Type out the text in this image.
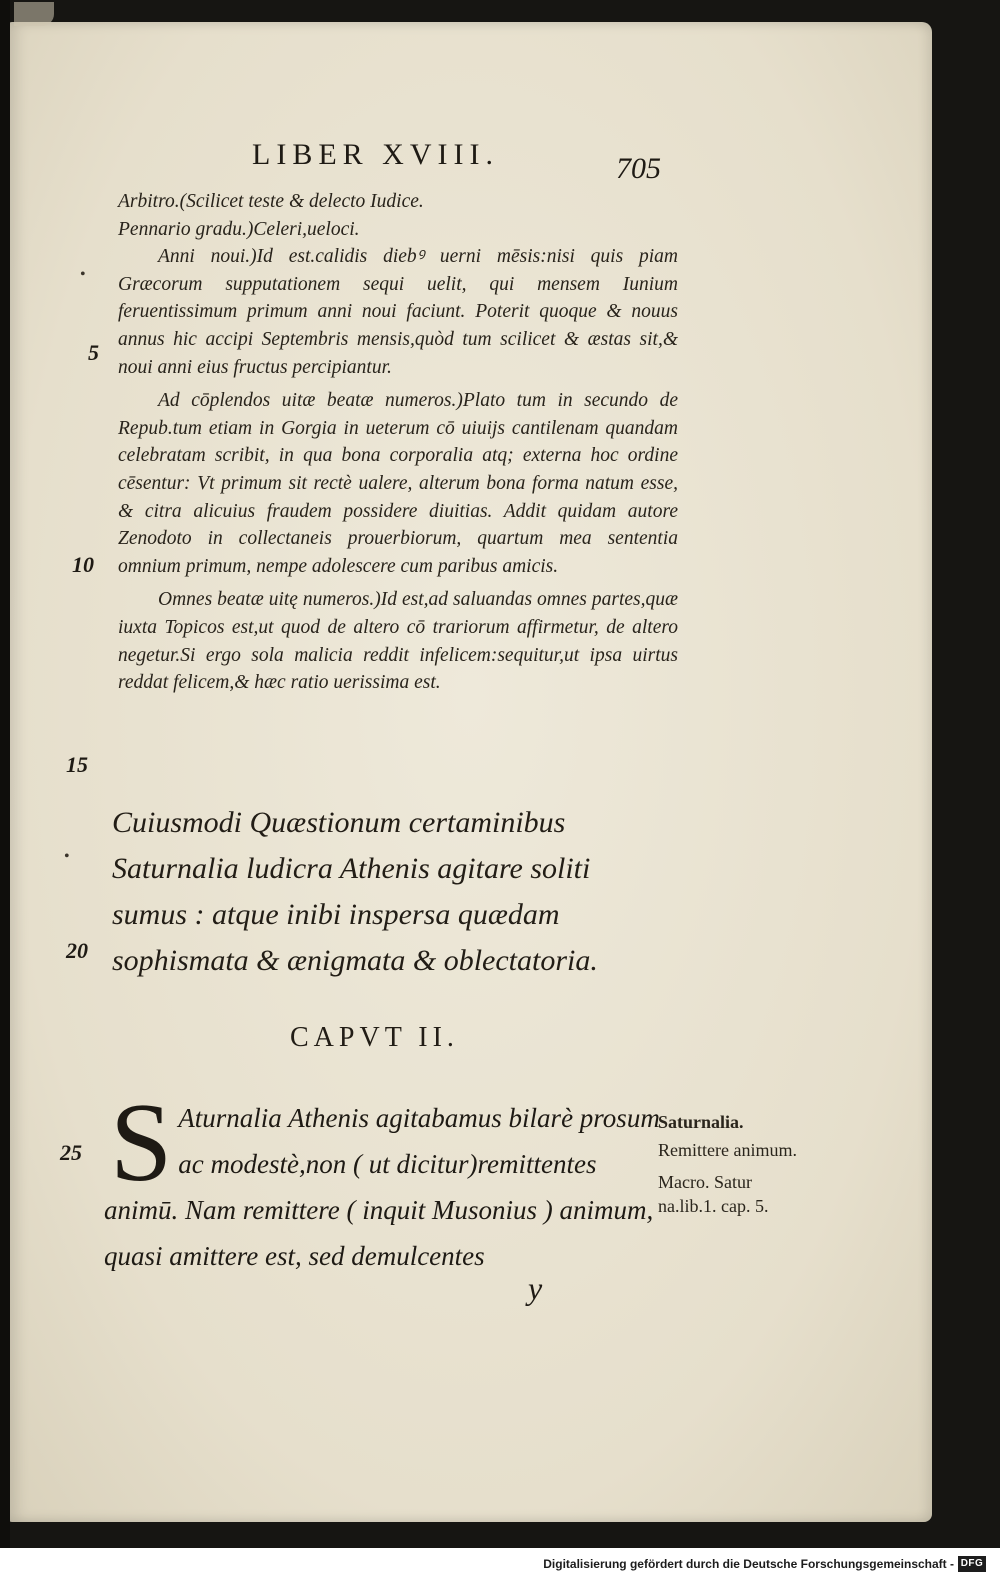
LIBER XVIII.	705

Arbitro.(Scilicet teste & delecto Iudice.

Pennario gradu.)Celeri,ueloci.

Anni noui.)Id est.calidis diebꝰ uerni mēsis:nisi quis piam Græcorum supputationem sequi uelit, qui mensem Iunium feruentissimum primum anni noui faciunt. Poterit quoque & nouus annus hic accipi Septembris mensis,quòd tum scilicet & æstas sit,& noui anni eius fructus percipiantur.

Ad cōplendos uitæ beatæ numeros.)Plato tum in secundo de Repub.tum etiam in Gorgia in ueterum cō uiuijs cantilenam quandam celebratam scribit, in qua bona corporalia atq; externa hoc ordine cēsentur: Vt primum sit rectè ualere, alterum bona forma natum esse, & citra alicuius fraudem possidere diuitias. Addit quidam autore Zenodoto in collectaneis prouerbiorum, quartum mea sententia omnium primum, nempe adolescere cum paribus amicis.

Omnes beatæ uitę numeros.)Id est,ad saluandas omnes partes,quæ iuxta Topicos est,ut quod de altero cō trariorum affirmetur, de altero negetur.Si ergo sola malicia reddit infelicem:sequitur,ut ipsa uirtus reddat felicem,& hæc ratio uerissima est.

•
•
5
10
15
20
25
Cuiusmodi Quæstionum certaminibus Saturnalia ludicra Athenis agitare soliti sumus : atque inibi inspersa quædam sophismata & ænigmata & oblectatoria.
CAPVT II.
S Aturnalia Athenis agitabamus bilarè prosum ac modestè,non ( ut dicitur)remittentes animū. Nam remittere ( inquit Musonius ) animum, quasi amittere est, sed demulcentes
Saturnalia.
Remittere animum.
Macro. Satur na.lib.1. cap. 5.
y
Digitalisierung gefördert durch die Deutsche Forschungsgemeinschaft - DFG
